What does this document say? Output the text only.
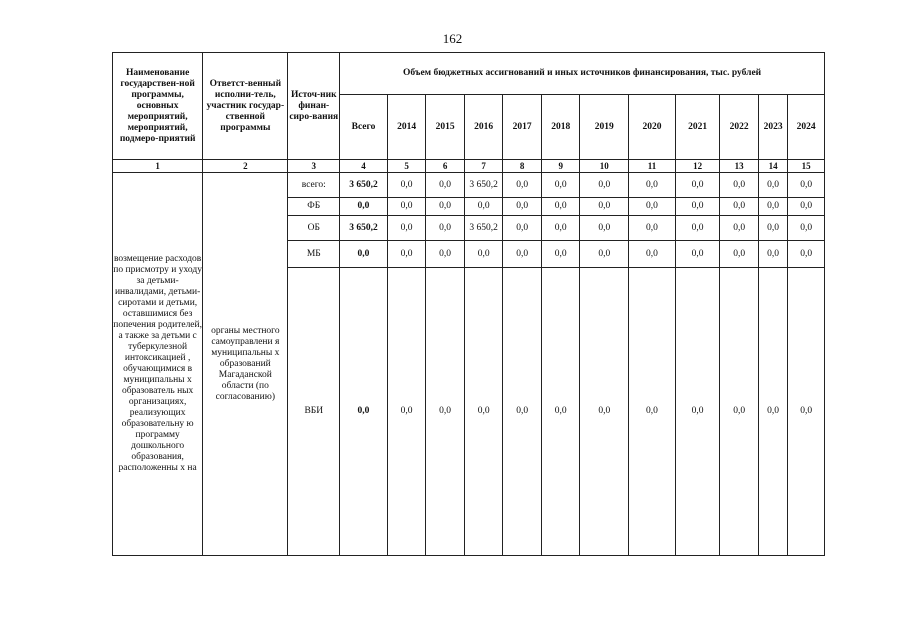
162
Наименование государствен-ной программы, основных мероприятий, мероприятий, подмеро-приятий	Ответст-венный исполни-тель, участник государ-ственной программы	Источ-ник финан-сиро-вания	Объем бюджетных ассигнований и иных источников финансирования, тыс. рублей											
			Всего	2014	2015	2016	2017	2018	2019	2020	2021	2022	2023	2024
1	2	3	4	5	6	7	8	9	10	11	12	13	14	15
возмещение расходов по присмотру и уходу за детьми-инвалидами, детьми-сиротами и детьми, оставшимися без попечения родителей, а также за детьми с туберкулезной интоксикацией , обучающимися в муниципальны х образователь ных организациях, реализующих образовательну ю программу дошкольного образования, расположенны х на	органы местного самоуправлени я муниципальны х образований Магаданской области (по согласованию)	всего:	3 650,2	0,0	0,0	3 650,2	0,0	0,0	0,0	0,0	0,0	0,0	0,0	0,0
		ФБ	0,0	0,0	0,0	0,0	0,0	0,0	0,0	0,0	0,0	0,0	0,0	0,0
		ОБ	3 650,2	0,0	0,0	3 650,2	0,0	0,0	0,0	0,0	0,0	0,0	0,0	0,0
		МБ	0,0	0,0	0,0	0,0	0,0	0,0	0,0	0,0	0,0	0,0	0,0	0,0
		ВБИ	0,0	0,0	0,0	0,0	0,0	0,0	0,0	0,0	0,0	0,0	0,0	0,0
